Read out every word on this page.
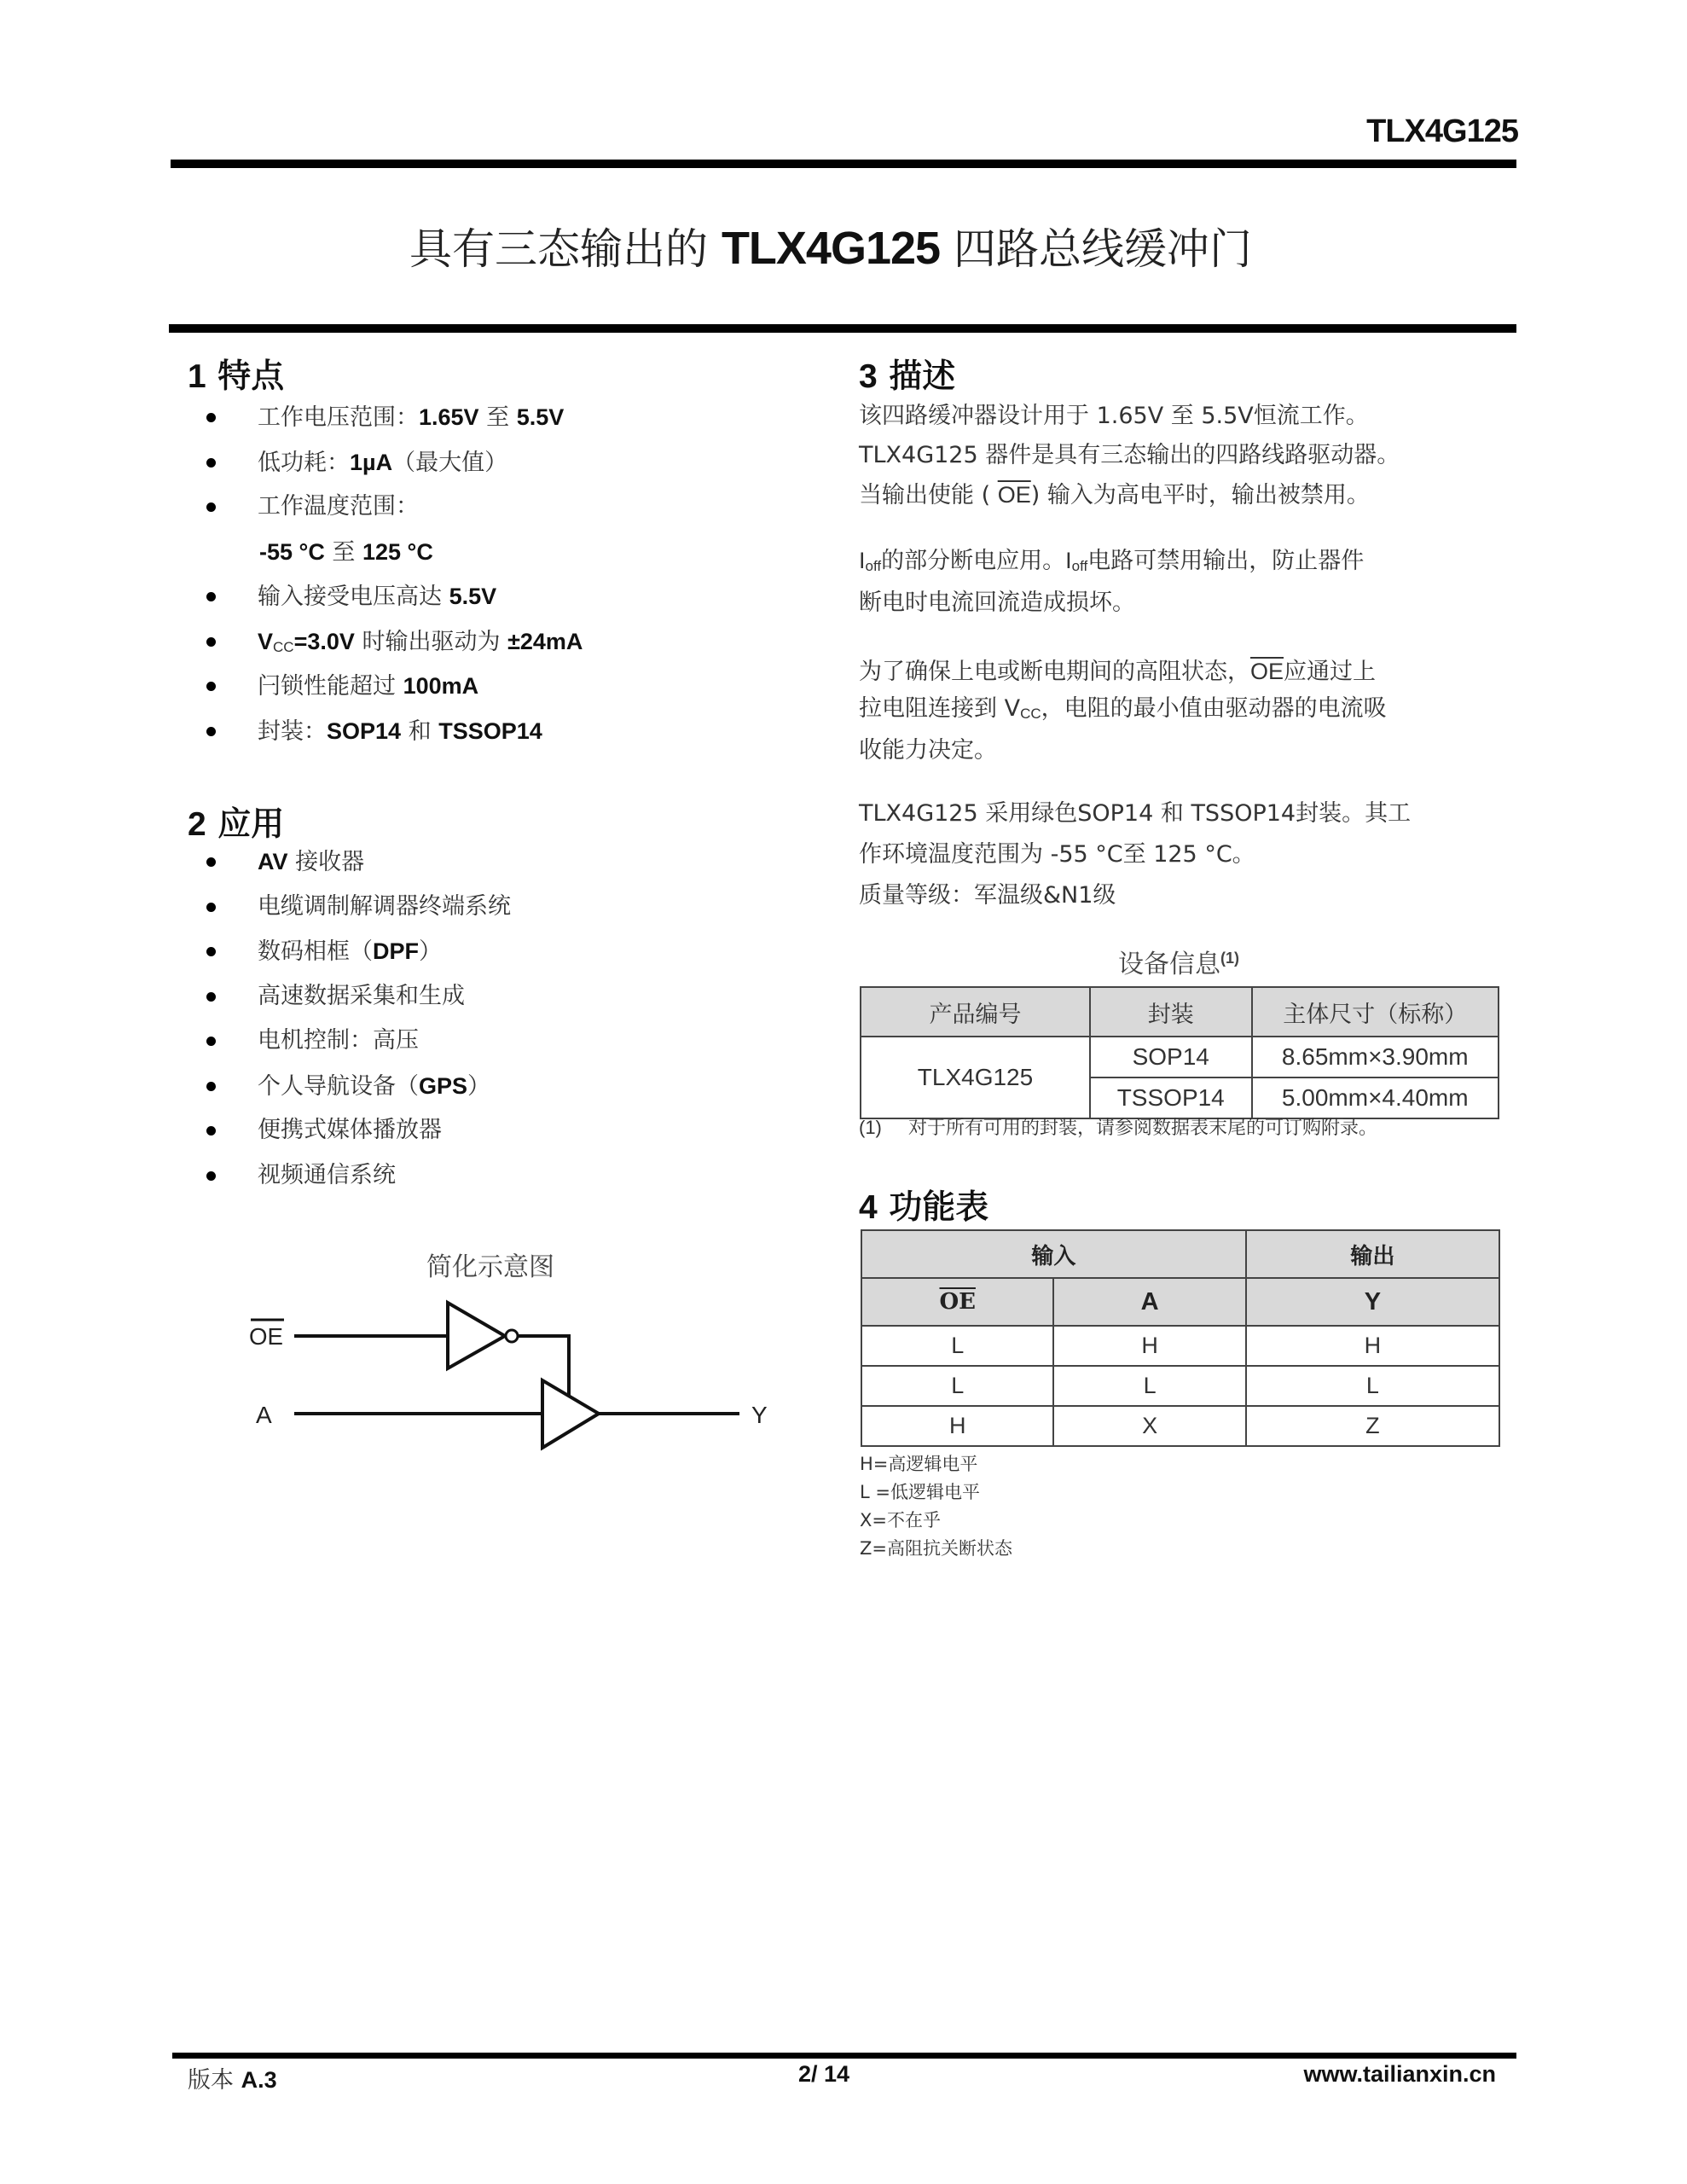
TLX4G125
具有三态输出的 TLX4G125 四路总线缓冲门
1 特点
工作电压范围：1.65V 至 5.5V
低功耗：1µA（最大值）
工作温度范围：
-55 °C 至 125 °C
输入接受电压高达 5.5V
VCC=3.0V 时输出驱动为 ±24mA
闩锁性能超过 100mA
封装：SOP14 和 TSSOP14
2 应用
AV 接收器
电缆调制解调器终端系统
数码相框（DPF）
高速数据采集和生成
电机控制：高压
个人导航设备（GPS）
便携式媒体播放器
视频通信系统
简化示意图
OE
A	Y
3 描述
该四路缓冲器设计用于 1.65V 至 5.5V恒流工作。
TLX4G125 器件是具有三态输出的四路线路驱动器。
当输出使能 ( $\overline{OE}$) 输入为高电平时，输出被禁用。
Ioff的部分断电应用。Ioff电路可禁用输出，防止器件
断电时电流回流造成损坏。
为了确保上电或断电期间的高阻状态，$\overline{OE}$应通过上
拉电阻连接到 VCC，电阻的最小值由驱动器的电流吸
收能力决定。
TLX4G125 采用绿色SOP14 和 TSSOP14封装。其工
作环境温度范围为 -55 °C至 125 °C。
质量等级：军温级&N1级
设备信息$^{(1)}$
产品编号	封装	主体尺寸（标称）
TLX4G125	SOP14	8.65mm×3.90mm
	TSSOP14	5.00mm×4.40mm
(1) 对于所有可用的封装，请参阅数据表末尾的可订购附录。
4 功能表
输入		输出
$\overline{OE}$	A	Y
L	H	H
L	L	L
H	X	Z
H=高逻辑电平
L =低逻辑电平
X=不在乎
Z=高阻抗关断状态
版本 A.3	2/ 14	www.tailianxin.cn
